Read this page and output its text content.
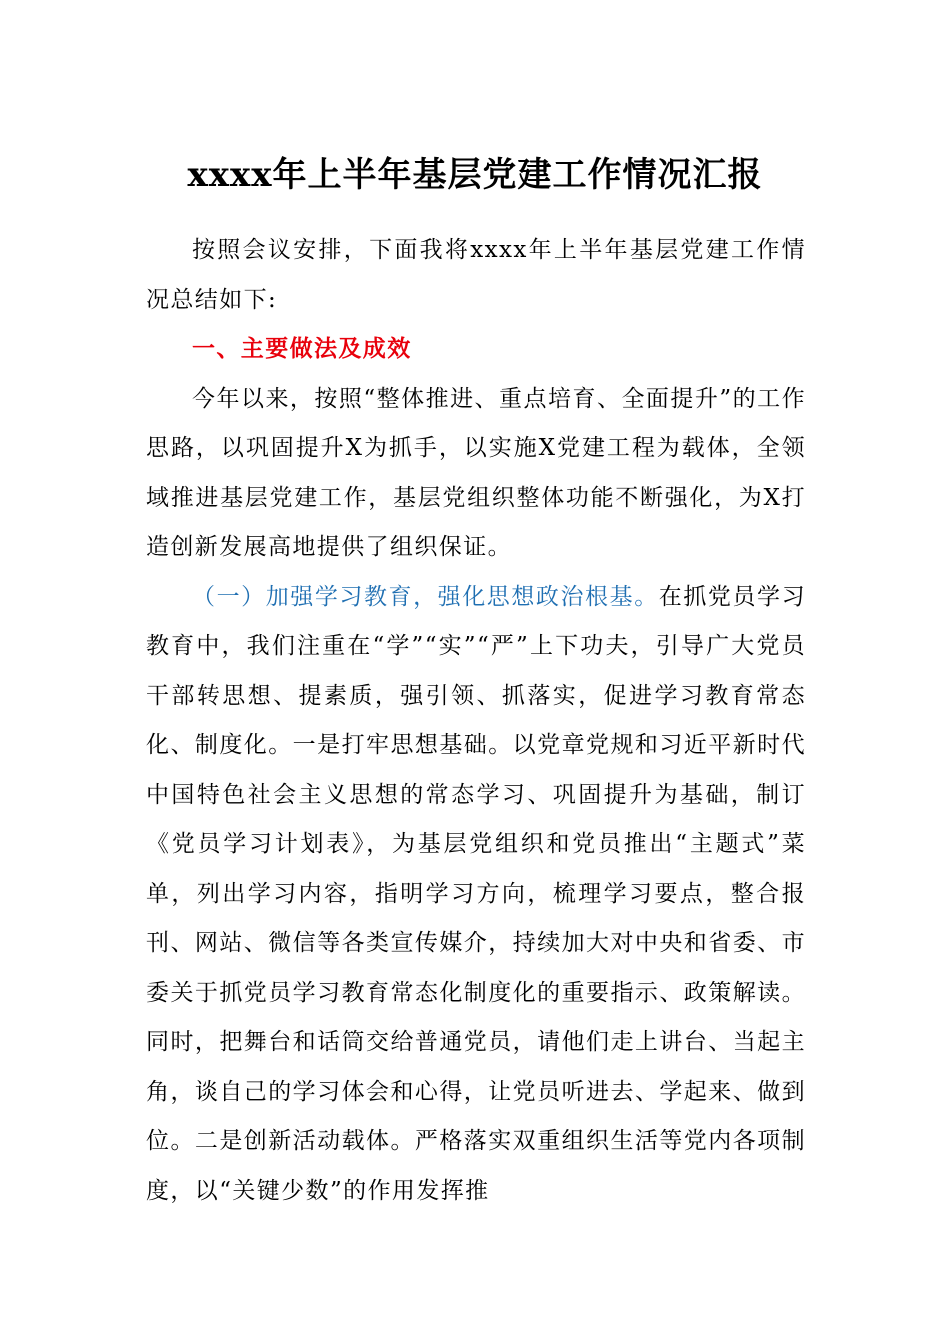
xxxx年上半年基层党建工作情况汇报

按照会议安排，下面我将xxxx年上半年基层党建工作情况总结如下:

一、主要做法及成效

今年以来，按照“整体推进、重点培育、全面提升”的工作思路，以巩固提升X为抓手，以实施X党建工程为载体，全领域推进基层党建工作，基层党组织整体功能不断强化，为X打造创新发展高地提供了组织保证。

（一）加强学习教育，强化思想政治根基。在抓党员学习教育中，我们注重在“学”“实”“严”上下功夫，引导广大党员干部转思想、提素质，强引领、抓落实，促进学习教育常态化、制度化。一是打牢思想基础。以党章党规和习近平新时代中国特色社会主义思想的常态学习、巩固提升为基础，制订《党员学习计划表》，为基层党组织和党员推出“主题式”菜单，列出学习内容，指明学习方向，梳理学习要点，整合报刊、网站、微信等各类宣传媒介，持续加大对中央和省委、市委关于抓党员学习教育常态化制度化的重要指示、政策解读。同时，把舞台和话筒交给普通党员，请他们走上讲台、当起主角，谈自己的学习体会和心得，让党员听进去、学起来、做到位。二是创新活动载体。严格落实双重组织生活等党内各项制度，以“关键少数”的作用发挥推
